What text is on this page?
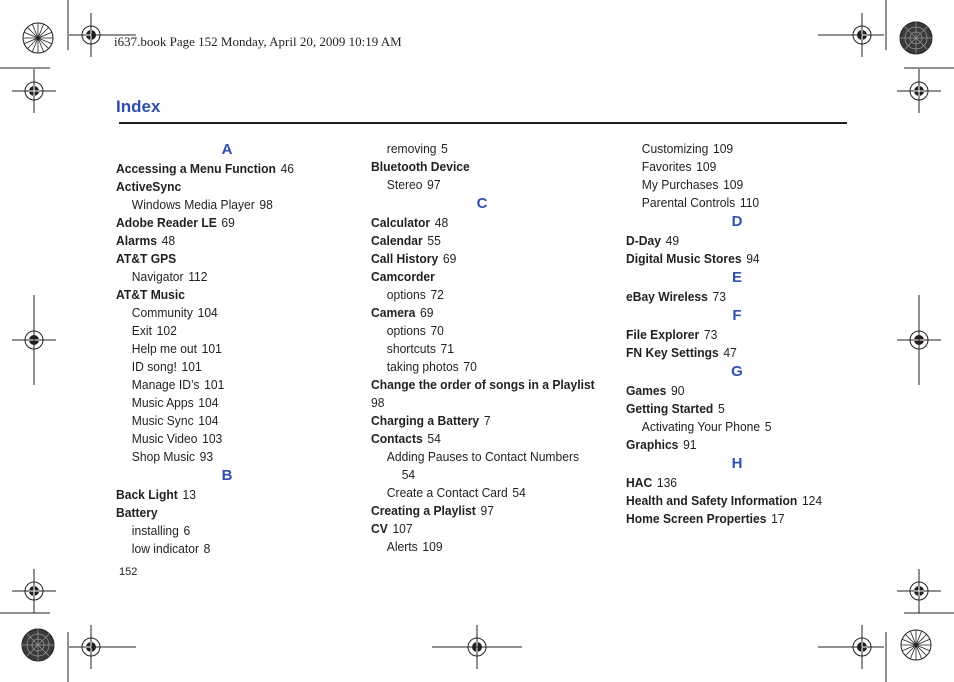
i637.book Page 152 Monday, April 20, 2009 10:19 AM
Index
A
Accessing a Menu Function 46
ActiveSync
Windows Media Player 98
Adobe Reader LE 69
Alarms 48
AT&T GPS
Navigator 112
AT&T Music
Community 104
Exit 102
Help me out 101
ID song! 101
Manage ID’s 101
Music Apps 104
Music Sync 104
Music Video 103
Shop Music 93
B
Back Light 13
Battery
installing 6
low indicator 8
removing 5
Bluetooth Device
Stereo 97
C
Calculator 48
Calendar 55
Call History 69
Camcorder
options 72
Camera 69
options 70
shortcuts 71
taking photos 70
Change the order of songs in a Playlist
98
Charging a Battery 7
Contacts 54
Adding Pauses to Contact Numbers
54
Create a Contact Card 54
Creating a Playlist 97
CV 107
Alerts 109
Customizing 109
Favorites 109
My Purchases 109
Parental Controls 110
D
D-Day 49
Digital Music Stores 94
E
eBay Wireless 73
F
File Explorer 73
FN Key Settings 47
G
Games 90
Getting Started 5
Activating Your Phone 5
Graphics 91
H
HAC 136
Health and Safety Information 124
Home Screen Properties 17
152
